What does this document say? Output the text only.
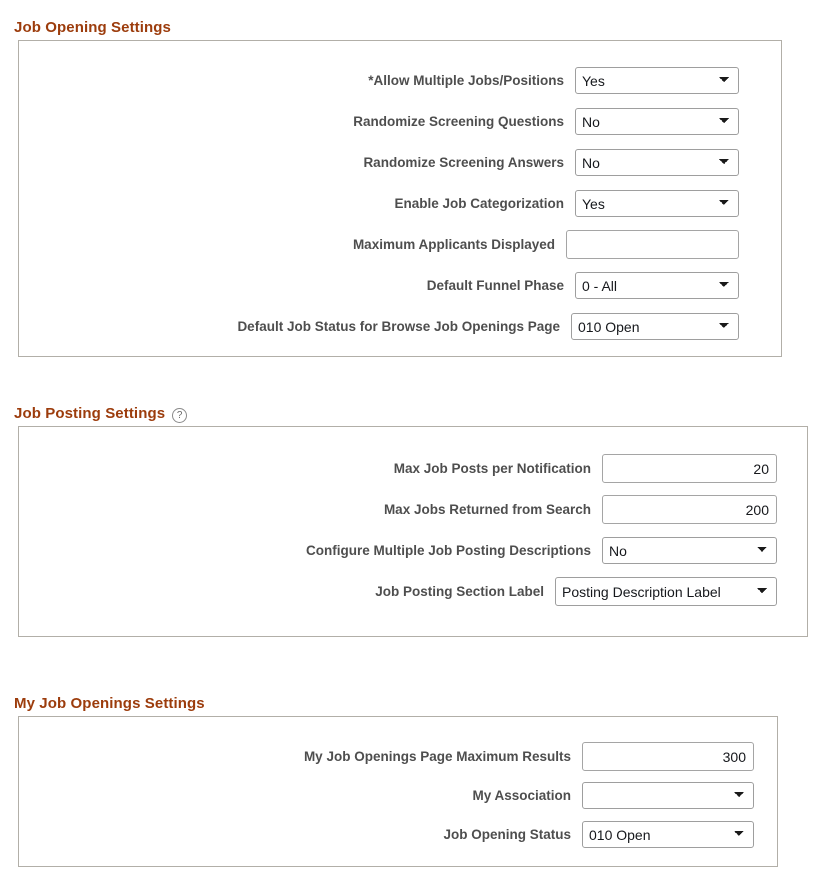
Job Opening Settings
*Allow Multiple Jobs/Positions
Yes
Randomize Screening Questions
No
Randomize Screening Answers
No
Enable Job Categorization
Yes
Maximum Applicants Displayed
Default Funnel Phase
0 - All
Default Job Status for Browse Job Openings Page
010 Open
Job Posting Settings	?
Max Job Posts per Notification
20
Max Jobs Returned from Search
200
Configure Multiple Job Posting Descriptions
No
Job Posting Section Label
Posting Description Label
My Job Openings Settings
My Job Openings Page Maximum Results
300
My Association
Job Opening Status
010 Open
